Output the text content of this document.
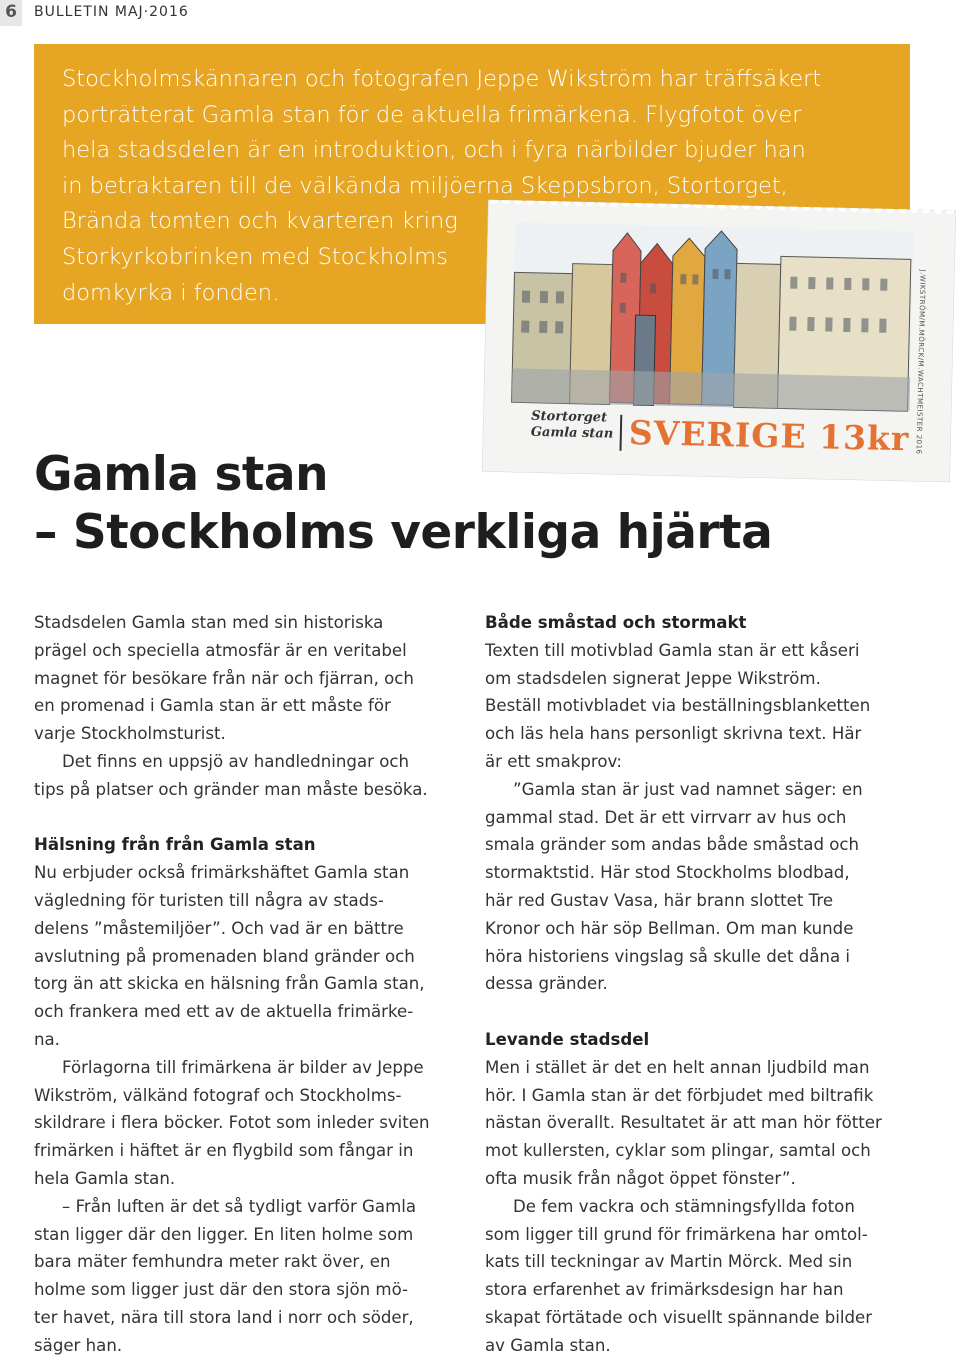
6	BULLETIN MAJ·2016

Stockholmskännaren och fotografen Jeppe Wikström har träffsäkert
porträtterat Gamla stan för de aktuella frimärkena. Flygfotot över
hela stadsdelen är en introduktion, och i fyra närbilder bjuder han
in betraktaren till de välkända miljöerna Skeppsbron, Stortorget,
Brända tomten och kvarteren kring
Storkyrkobrinken med Stockholms
domkyrka i fonden.

Stortorget
Gamla stan SVERIGE 13kr J.WIKSTRÖM/M.MÖRCK/M.WACHTMEISTER 2016
Gamla stan
– Stockholms verkliga hjärta

Stadsdelen Gamla stan med sin historiska
prägel och speciella atmosfär är en veritabel
magnet för besökare från när och fjärran, och
en promenad i Gamla stan är ett måste för
varje Stockholmsturist.

Det finns en uppsjö av handledningar och
tips på platser och gränder man måste besöka.

Hälsning från från Gamla stan

Nu erbjuder också frimärkshäftet Gamla stan
vägledning för turisten till några av stads-
delens ”måstemiljöer”. Och vad är en bättre
avslutning på promenaden bland gränder och
torg än att skicka en hälsning från Gamla stan,
och frankera med ett av de aktuella frimärke-
na.

Förlagorna till frimärkena är bilder av Jeppe
Wikström, välkänd fotograf och Stockholms-
skildrare i flera böcker. Fotot som inleder sviten
frimärken i häftet är en flygbild som fångar in
hela Gamla stan.

– Från luften är det så tydligt varför Gamla
stan ligger där den ligger. En liten holme som
bara mäter femhundra meter rakt över, en
holme som ligger just där den stora sjön mö-
ter havet, nära till stora land i norr och söder,
säger han.

Både småstad och stormakt

Texten till motivblad Gamla stan är ett kåseri
om stadsdelen signerat Jeppe Wikström.
Beställ motivbladet via beställningsblanketten
och läs hela hans personligt skrivna text. Här
är ett smakprov:

”Gamla stan är just vad namnet säger: en
gammal stad. Det är ett virrvarr av hus och
smala gränder som andas både småstad och
stormaktstid. Här stod Stockholms blodbad,
här red Gustav Vasa, här brann slottet Tre
Kronor och här söp Bellman. Om man kunde
höra historiens vingslag så skulle det dåna i
dessa gränder.

Levande stadsdel

Men i stället är det en helt annan ljudbild man
hör. I Gamla stan är det förbjudet med biltrafik
nästan överallt. Resultatet är att man hör fötter
mot kullersten, cyklar som plingar, samtal och
ofta musik från något öppet fönster”.

De fem vackra och stämningsfyllda foton
som ligger till grund för frimärkena har omtol-
kats till teckningar av Martin Mörck. Med sin
stora erfarenhet av frimärksdesign har han
skapat förtätade och visuellt spännande bilder
av Gamla stan.
